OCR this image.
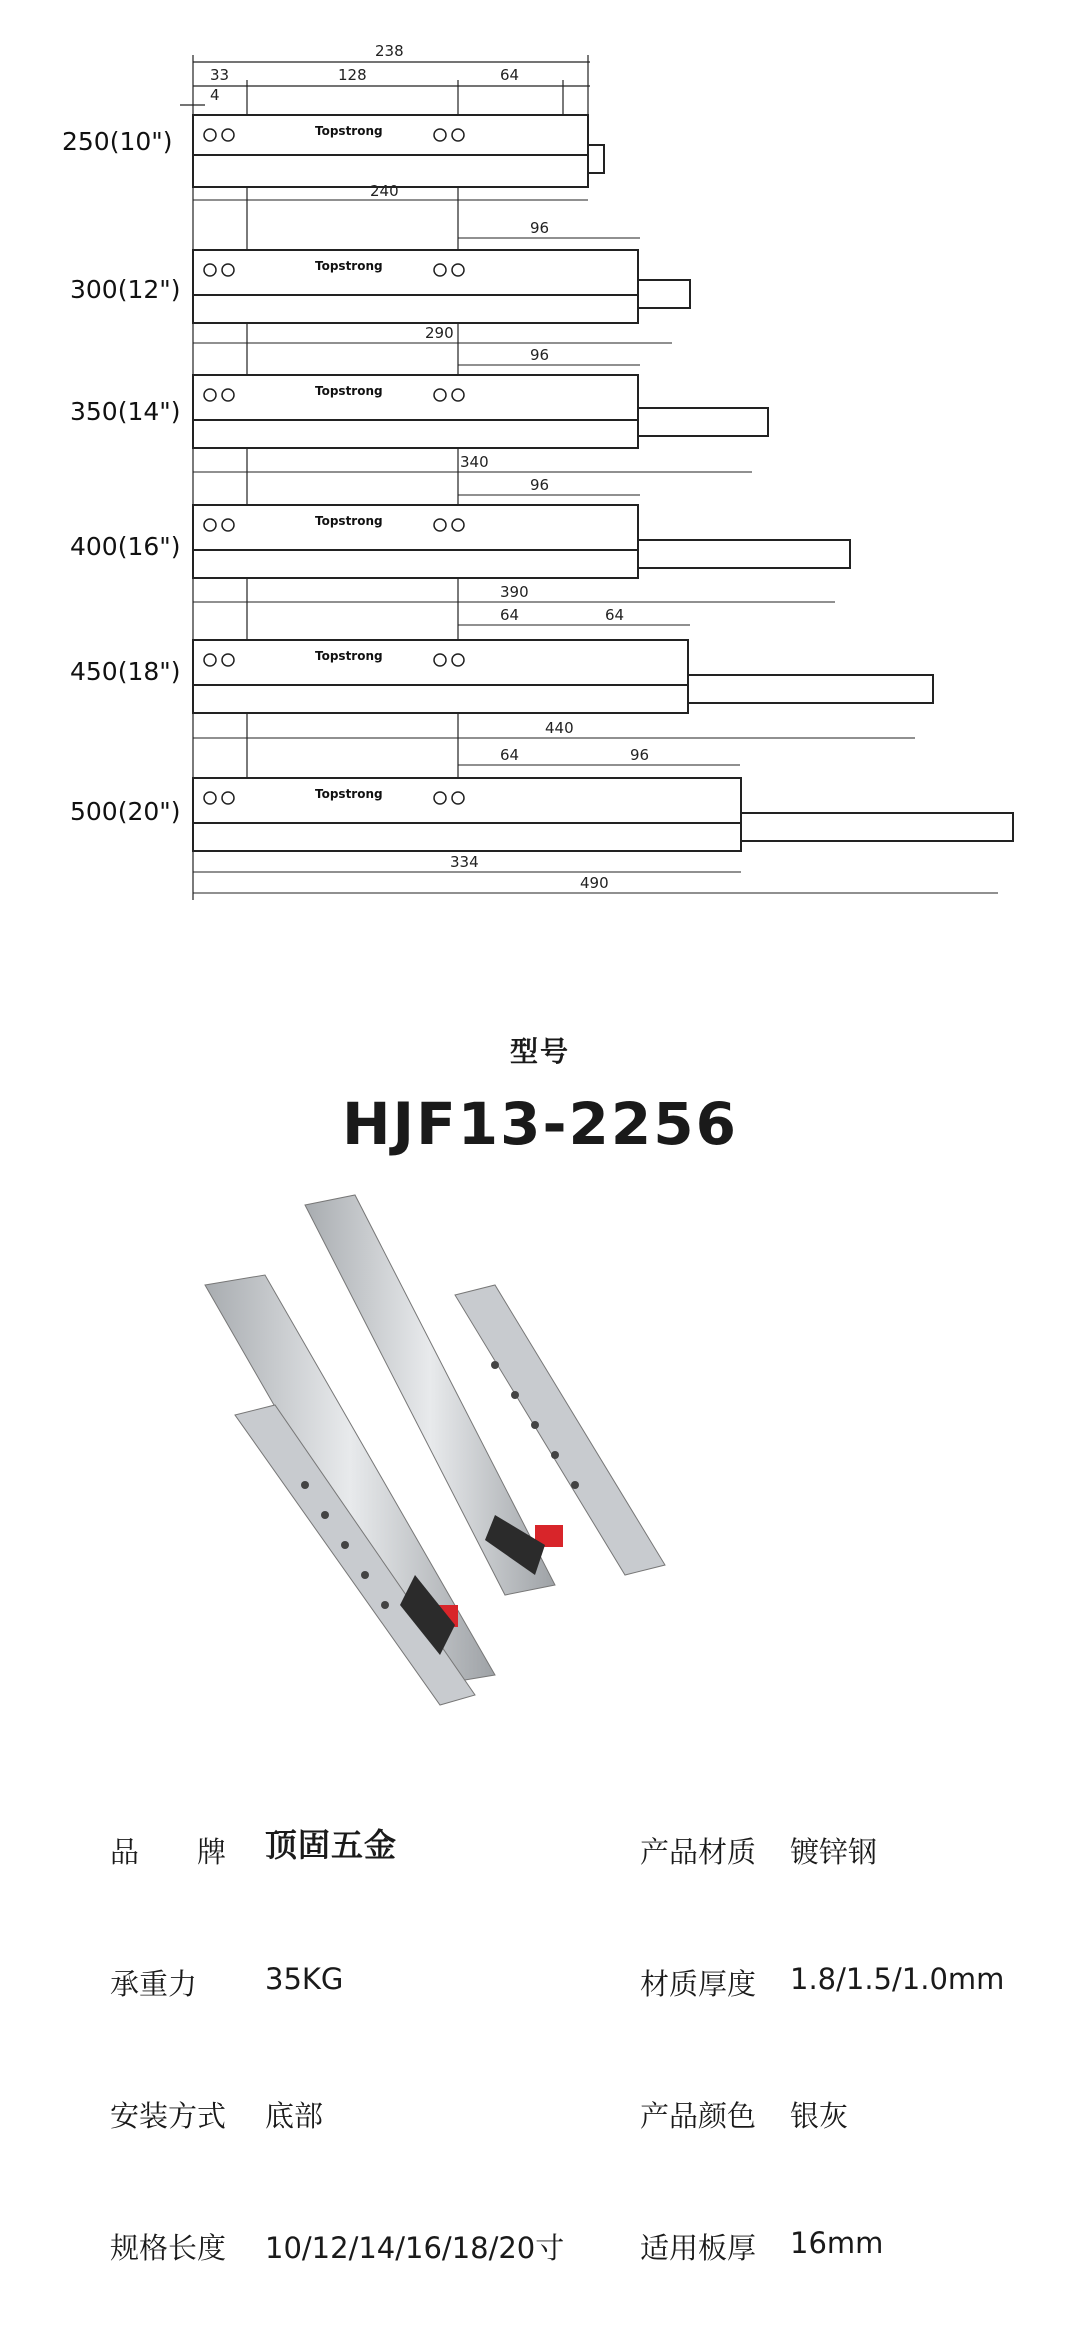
238
33	128	64
4
Topstrong
250(10")
240
96
Topstrong
300(12")
290
96
Topstrong
350(14")
340
96
Topstrong
400(16")
390
64	64
Topstrong
450(18")
440
64	96
Topstrong
500(20")
334
490
型号
HJF13-2256
品　　牌 顶固五金	产品材质 镀锌钢
承重力 35KG	材质厚度 1.8/1.5/1.0mm
安装方式 底部	产品颜色 银灰
规格长度 10/12/14/16/18/20寸	适用板厚 16mm
